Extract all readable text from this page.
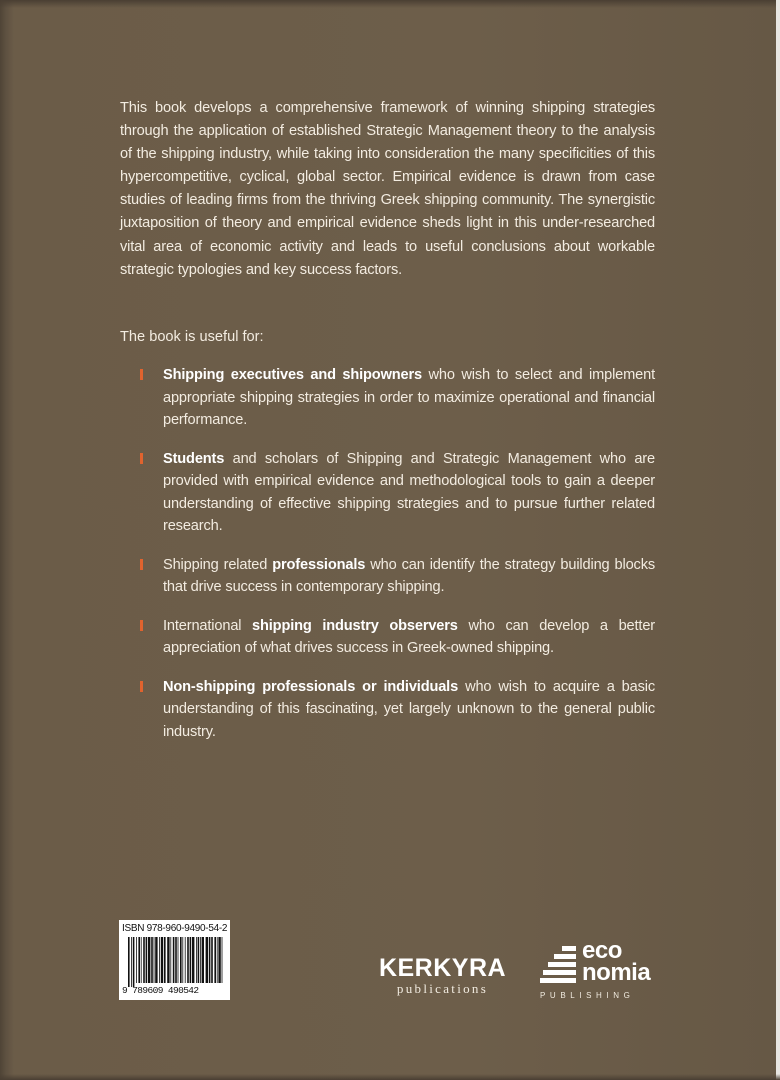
This book develops a comprehensive framework of winning shipping strategies through the application of established Strategic Management theory to the analysis of the shipping industry, while taking into consideration the many specificities of this hypercompetitive, cyclical, global sector. Empirical evidence is drawn from case studies of leading firms from the thriving Greek shipping community. The synergistic juxtaposition of theory and empirical evidence sheds light in this under-researched vital area of economic activity and leads to useful conclusions about workable strategic typologies and key success factors.

The book is useful for:

Shipping executives and shipowners who wish to select and implement appropriate shipping strategies in order to maximize operational and financial performance.
Students and scholars of Shipping and Strategic Management who are provided with empirical evidence and methodological tools to gain a deeper understanding of effective shipping strategies and to pursue further related research.
Shipping related professionals who can identify the strategy building blocks that drive success in contemporary shipping.
International shipping industry observers who can develop a better appreciation of what drives success in Greek-owned shipping.
Non-shipping professionals or individuals who wish to acquire a basic understanding of this fascinating, yet largely unknown to the general public industry.
ISBN 978-960-9490-54-2
9 789609 490542
KERKYRA
publications
eco
nomia
PUBLISHING
